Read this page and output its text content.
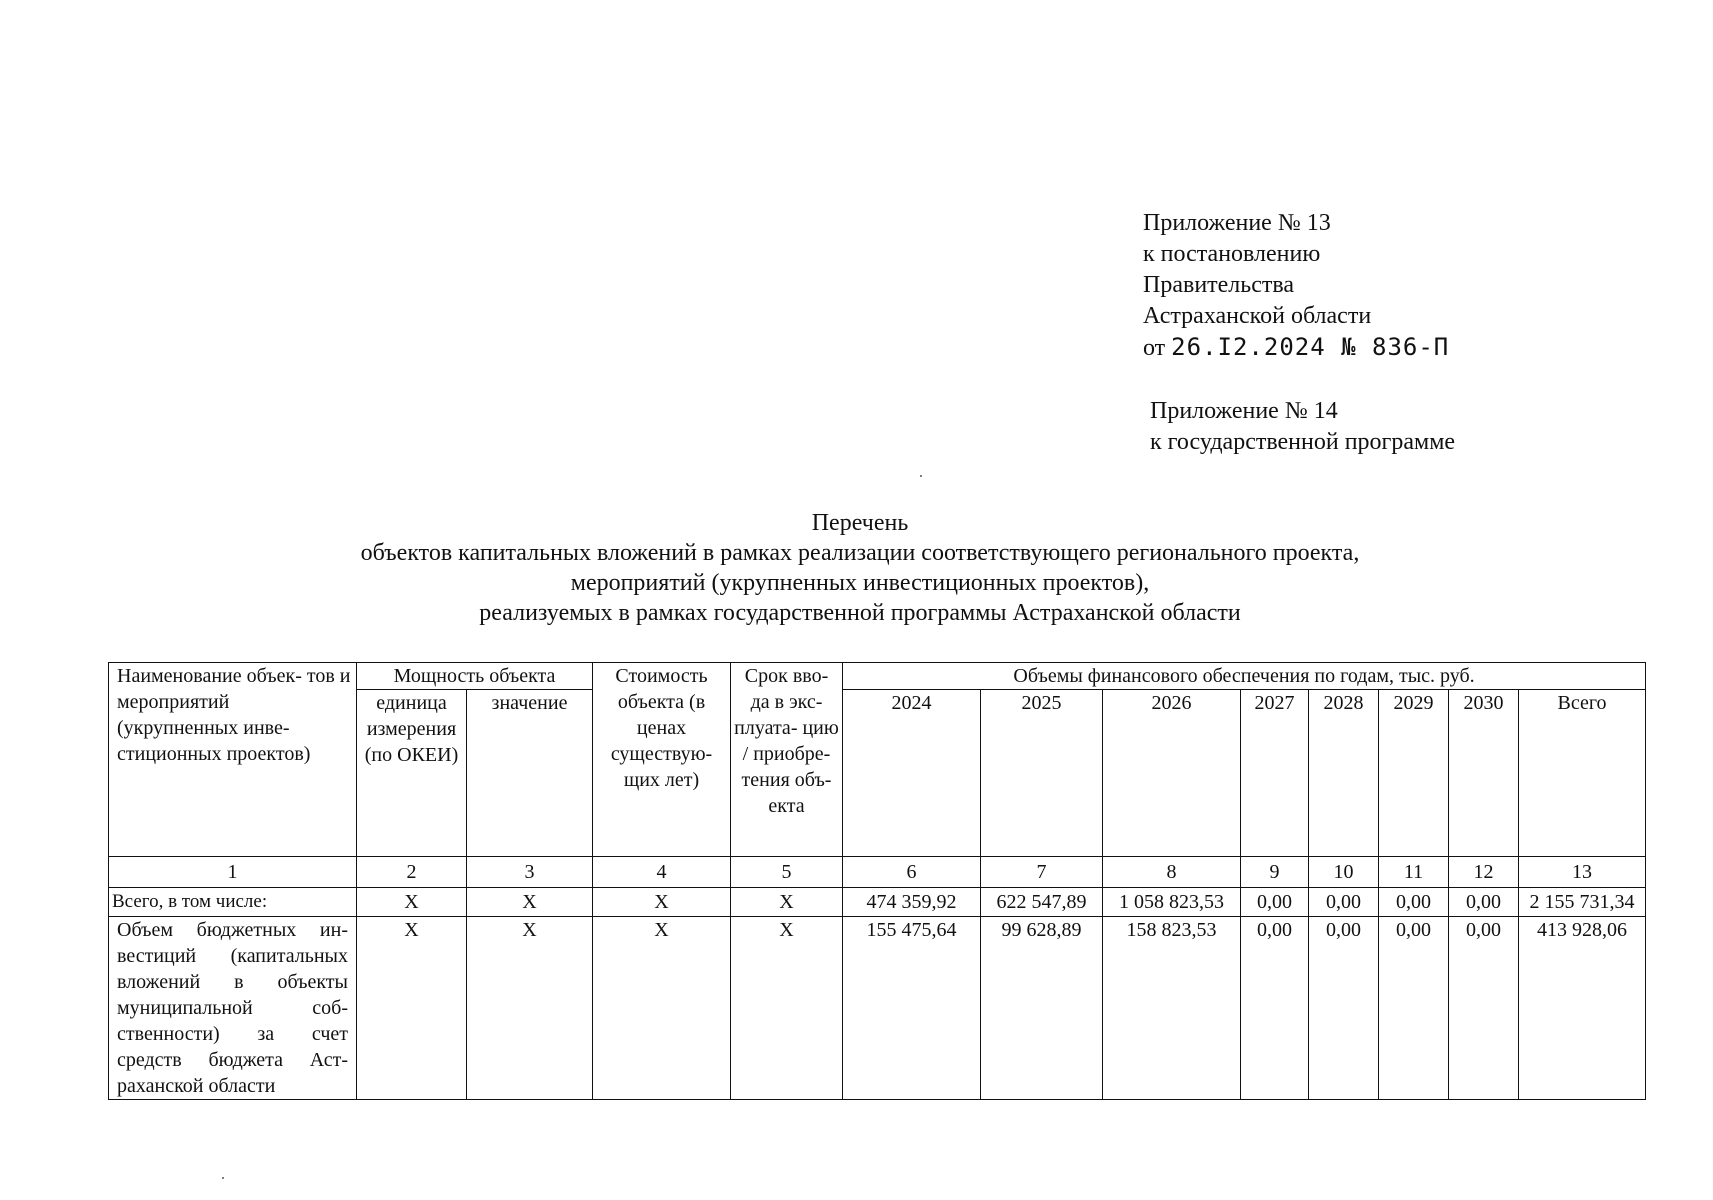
Приложение № 13
к постановлению
Правительства
Астраханской области
от 26.I2.2024 № 836-П
Приложение № 14
к государственной программе
Перечень
объектов капитальных вложений в рамках реализации соответствующего регионального проекта,
мероприятий (укрупненных инвестиционных проектов),
реализуемых в рамках государственной программы Астраханской области
Наименование объек- тов и мероприятий (укрупненных инве- стиционных проектов)	Мощность объекта		Стоимость объекта (в ценах существую- щих лет)	Срок вво- да в экс- плуата- цию / приобре- тения объ- екта	Объемы финансового обеспечения по годам, тыс. руб.							
	единица измерения (по ОКЕИ)	значение			2024	2025	2026	2027	2028	2029	2030	Всего
1	2	3	4	5	6	7	8	9	10	11	12	13
Всего, в том числе:	Х	Х	Х	Х	474 359,92	622 547,89	1 058 823,53	0,00	0,00	0,00	0,00	2 155 731,34
Объем бюджетных ин- вестиций (капитальных вложений в объекты муниципальной соб- ственности) за счет средств бюджета Аст- раханской области	Х	Х	Х	Х	155 475,64	99 628,89	158 823,53	0,00	0,00	0,00	0,00	413 928,06
